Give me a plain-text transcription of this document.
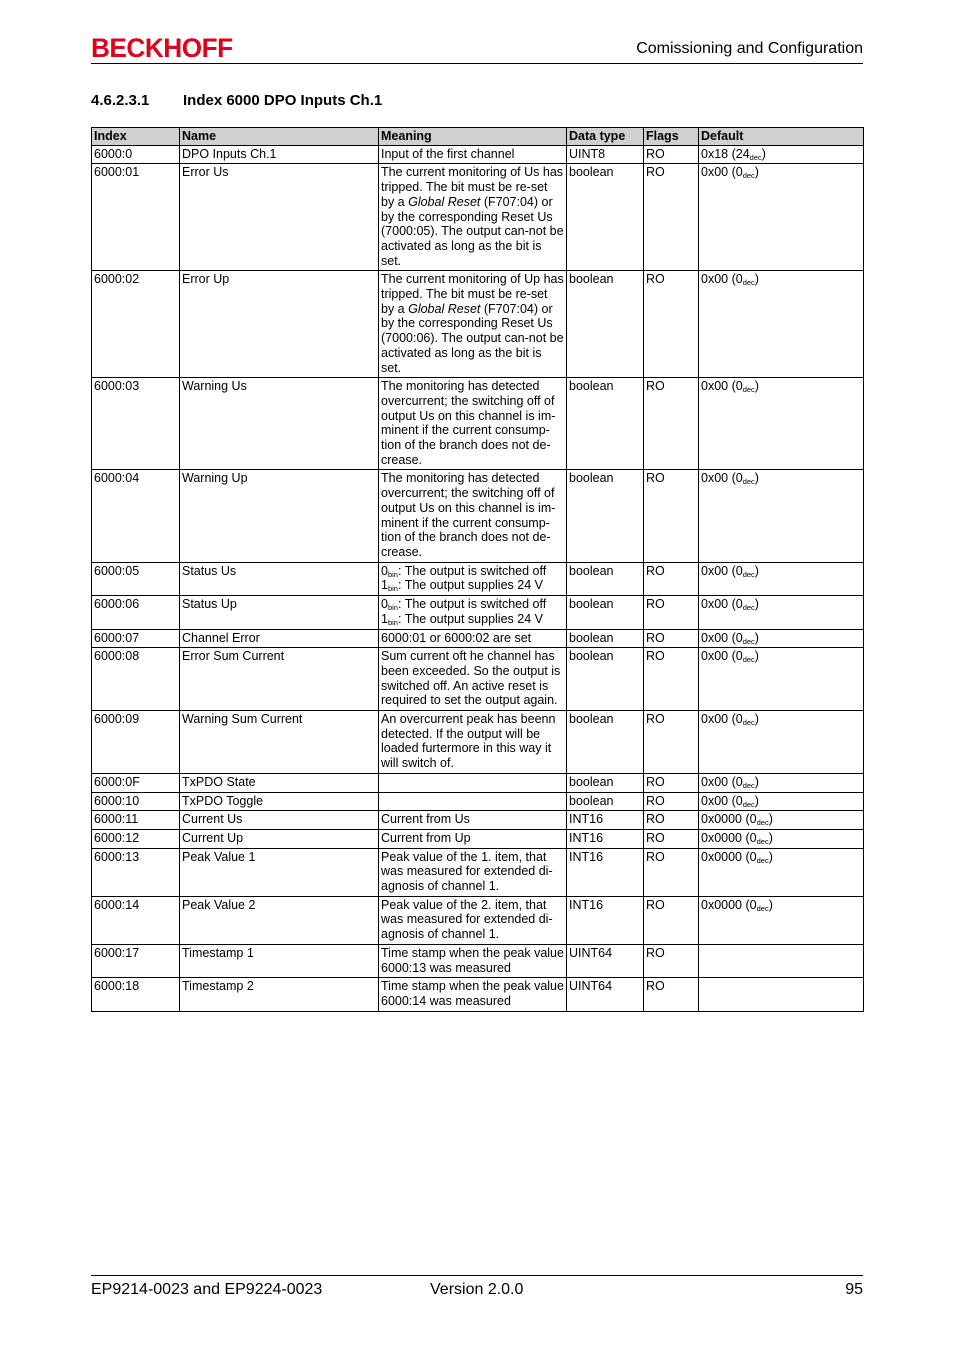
BECKHOFF	Comissioning and Configuration
4.6.2.3.1 Index 6000 DPO Inputs Ch.1
Index	Name	Meaning	Data type	Flags	Default
6000:0	DPO Inputs Ch.1	Input of the first channel	UINT8	RO	0x18 $(24_{dec})$
6000:01	Error Us	The current monitoring of Us has tripped. The bit must be re-set by a Global Reset (F707:04) or by the corresponding Reset Us (7000:05). The output can-not be activated as long as the bit is set.	boolean	RO	0x00 $(0_{dec})$
6000:02	Error Up	The current monitoring of Up has tripped. The bit must be re-set by a Global Reset (F707:04) or by the corresponding Reset Us (7000:06). The output can-not be activated as long as the bit is set.	boolean	RO	0x00 $(0_{dec})$
6000:03	Warning Us	The monitoring has detected overcurrent; the switching off of output Us on this channel is im-minent if the current consump-tion of the branch does not de-crease.	boolean	RO	0x00 $(0_{dec})$
6000:04	Warning Up	The monitoring has detected overcurrent; the switching off of output Us on this channel is im-minent if the current consump-tion of the branch does not de-crease.	boolean	RO	0x00 $(0_{dec})$
6000:05	Status Us	$0_{bin}$: The output is switched off
$1_{bin}$: The output supplies 24 V	boolean	RO	0x00 $(0_{dec})$
6000:06	Status Up	$0_{bin}$: The output is switched off
$1_{bin}$: The output supplies 24 V	boolean	RO	0x00 $(0_{dec})$
6000:07	Channel Error	6000:01 or 6000:02 are set	boolean	RO	0x00 $(0_{dec})$
6000:08	Error Sum Current	Sum current oft he channel has been exceeded. So the output is switched off. An active reset is required to set the output again.	boolean	RO	0x00 $(0_{dec})$
6000:09	Warning Sum Current	An overcurrent peak has beenn detected. If the output will be loaded furtermore in this way it will switch of.	boolean	RO	0x00 $(0_{dec})$
6000:0F	TxPDO State		boolean	RO	0x00 $(0_{dec})$
6000:10	TxPDO Toggle		boolean	RO	0x00 $(0_{dec})$
6000:11	Current Us	Current from Us	INT16	RO	0x0000 $(0_{dec})$
6000:12	Current Up	Current from Up	INT16	RO	0x0000 $(0_{dec})$
6000:13	Peak Value 1	Peak value of the 1. item, that was measured for extended di-agnosis of channel 1.	INT16	RO	0x0000 $(0_{dec})$
6000:14	Peak Value 2	Peak value of the 2. item, that was measured for extended di-agnosis of channel 1.	INT16	RO	0x0000 $(0_{dec})$
6000:17	Timestamp 1	Time stamp when the peak value 6000:13 was measured	UINT64	RO	
6000:18	Timestamp 2	Time stamp when the peak value 6000:14 was measured	UINT64	RO	
EP9214-0023 and EP9224-0023	Version 2.0.0	95
